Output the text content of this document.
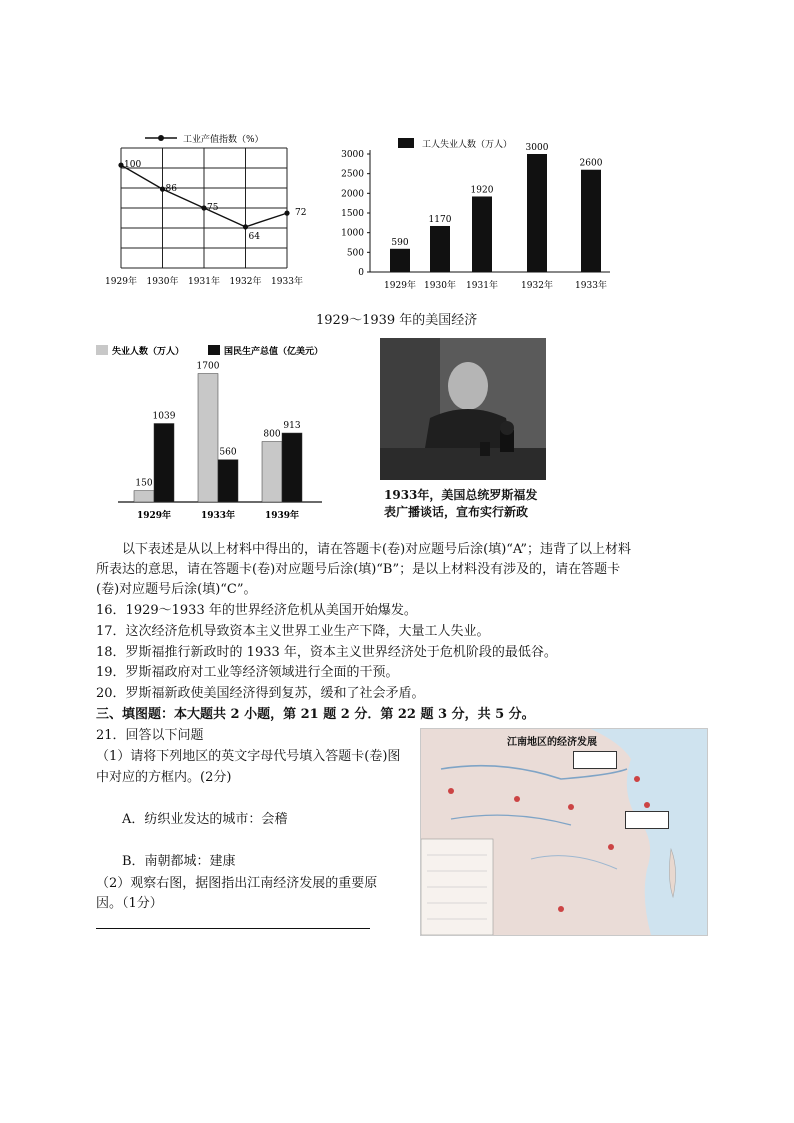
工业产值指数（%）
100
86
75
64
72
1929年 1930年 1931年 1932年 1933年
工人失业人数（万人）
0
500
1000
1500
2000
2500
3000
590
1929年
1170
1930年
1920
1931年
3000
1932年
2600
1933年
1929～1939 年的美国经济
失业人数（万人）	国民生产总值（亿美元）
150
1039
1929年
1700
560
1933年
800
913
1939年
1933年，美国总统罗斯福发
表广播谈话，宣布实行新政
以下表述是从以上材料中得出的，请在答题卡(卷)对应题号后涂(填)“A”；违背了以上材料
所表达的意思，请在答题卡(卷)对应题号后涂(填)“B”；是以上材料没有涉及的，请在答题卡
(卷)对应题号后涂(填)“C”。
16．1929～1933 年的世界经济危机从美国开始爆发。
17．这次经济危机导致资本主义世界工业生产下降，大量工人失业。
18．罗斯福推行新政时的 1933 年，资本主义世界经济处于危机阶段的最低谷。
19．罗斯福政府对工业等经济领域进行全面的干预。
20．罗斯福新政使美国经济得到复苏，缓和了社会矛盾。
三、填图题：本大题共 2 小题，第 21 题 2 分．第 22 题 3 分，共 5 分。
21．回答以下问题
（1）请将下列地区的英文字母代号填入答题卡(卷)图
中对应的方框内。(2分)
A．纺织业发达的城市：会稽
B．南朝都城：建康
（2）观察右图，据图指出江南经济发展的重要原
因。（1分）
江南地区的经济发展
